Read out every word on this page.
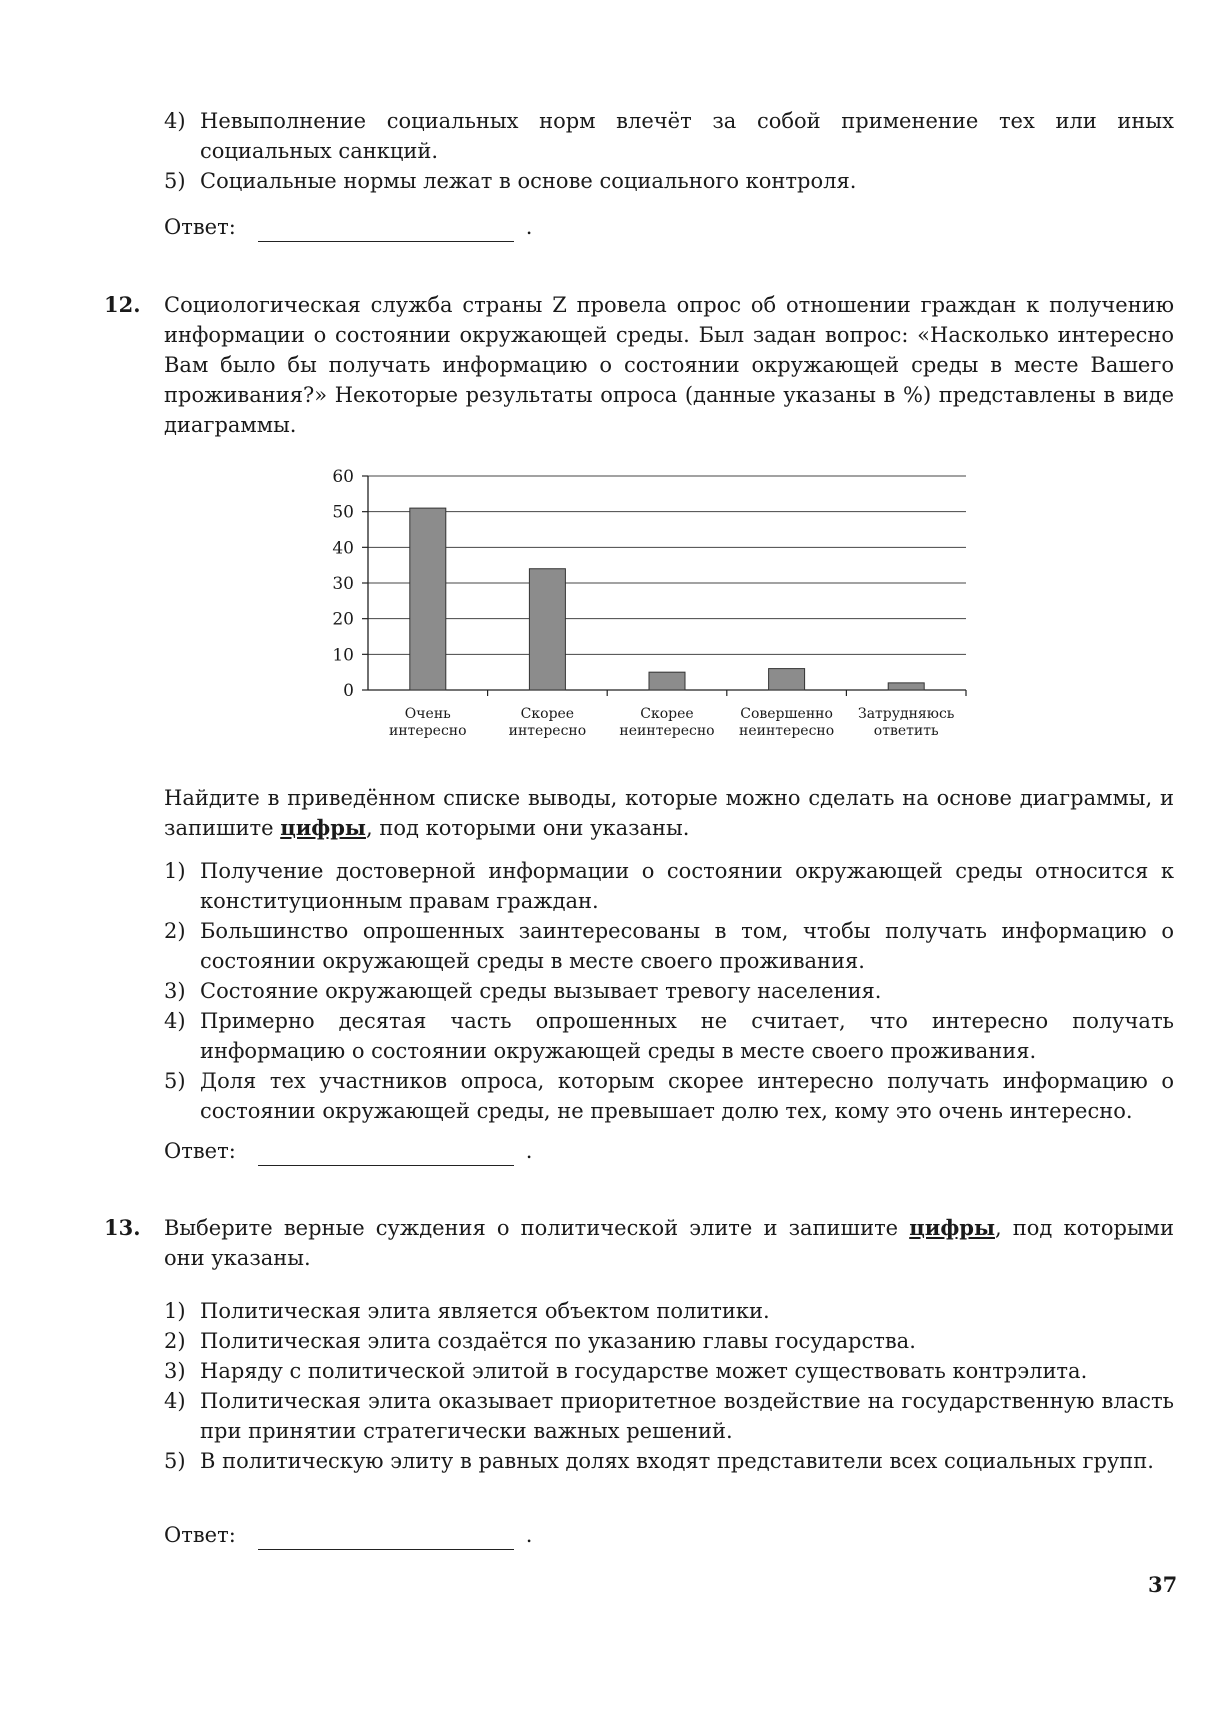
4) Невыполнение социальных норм влечёт за собой применение тех или иных социальных санкций.
5) Социальные нормы лежат в основе социального контроля.
Ответ:	.
12. Социологическая служба страны Z провела опрос об отношении граждан к получению информации о состоянии окружающей среды. Был задан вопрос: «Насколько интересно Вам было бы получать информацию о состоянии окружающей среды в месте Вашего проживания?» Некоторые результаты опроса (данные указаны в %) представлены в виде диаграммы.
0
10
20
30
40
50
60
Очень
интересно
Скорее
интересно
Скорее
неинтересно
Совершенно
неинтересно
Затрудняюсь
ответить
Найдите в приведённом списке выводы, которые можно сделать на основе диаграммы, и запишите цифры, под которыми они указаны.
1) Получение достоверной информации о состоянии окружающей среды относится к конституционным правам граждан.
2) Большинство опрошенных заинтересованы в том, чтобы получать информацию о состоянии окружающей среды в месте своего проживания.
3) Состояние окружающей среды вызывает тревогу населения.
4) Примерно десятая часть опрошенных не считает, что интересно получать информацию о состоянии окружающей среды в месте своего проживания.
5) Доля тех участников опроса, которым скорее интересно получать информацию о состоянии окружающей среды, не превышает долю тех, кому это очень интересно.
Ответ:	.
13. Выберите верные суждения о политической элите и запишите цифры, под которыми они указаны.
1) Политическая элита является объектом политики.
2) Политическая элита создаётся по указанию главы государства.
3) Наряду с политической элитой в государстве может существовать контрэлита.
4) Политическая элита оказывает приоритетное воздействие на государственную власть при принятии стратегически важных решений.
5) В политическую элиту в равных долях входят представители всех социальных групп.
Ответ:	.
37
